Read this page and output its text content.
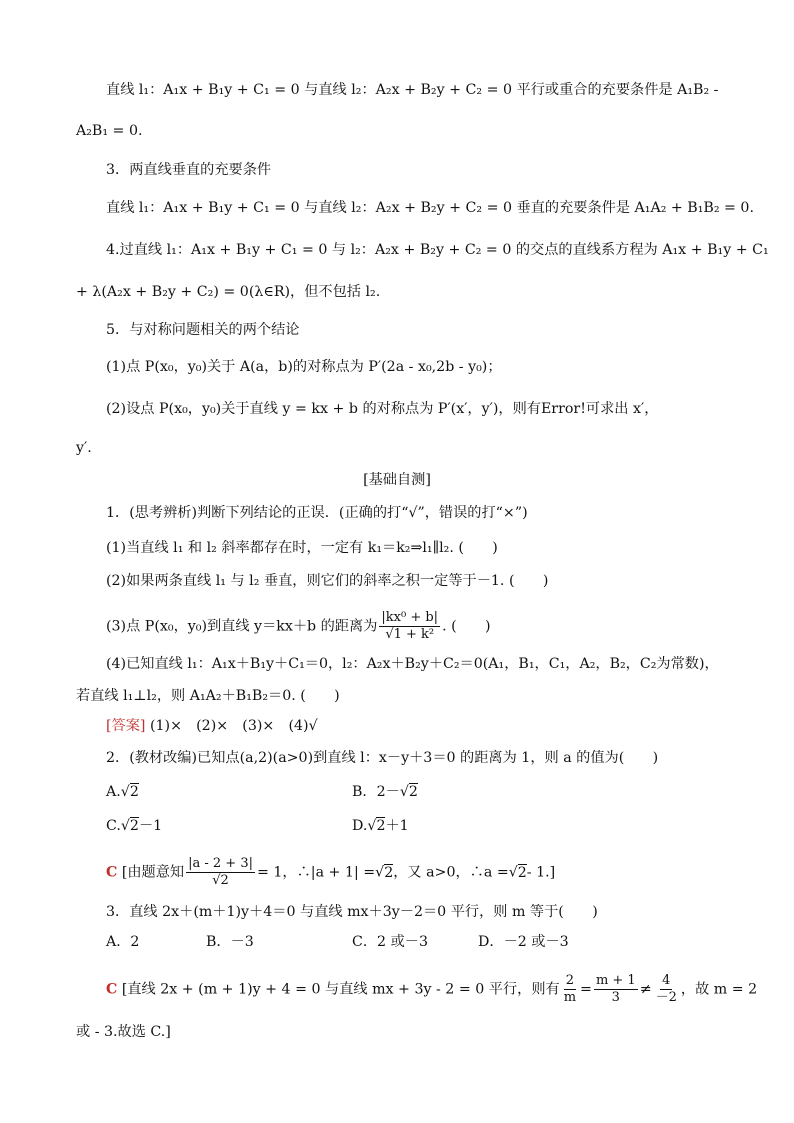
直线 l₁：A₁x + B₁y + C₁ = 0 与直线 l₂：A₂x + B₂y + C₂ = 0 平行或重合的充要条件是 A₁B₂ -
A₂B₁ = 0.
3．两直线垂直的充要条件
直线 l₁：A₁x + B₁y + C₁ = 0 与直线 l₂：A₂x + B₂y + C₂ = 0 垂直的充要条件是 A₁A₂ + B₁B₂ = 0.
4.过直线 l₁：A₁x + B₁y + C₁ = 0 与 l₂：A₂x + B₂y + C₂ = 0 的交点的直线系方程为 A₁x + B₁y + C₁
+ λ(A₂x + B₂y + C₂) = 0(λ∈R)，但不包括 l₂.
5．与对称问题相关的两个结论
(1)点 P(x₀，y₀)关于 A(a，b)的对称点为 P′(2a - x₀,2b - y₀)；
(2)设点 P(x₀，y₀)关于直线 y = kx + b 的对称点为 P′(x′，y′)，则有Error!可求出 x′，
y′.
[基础自测]
1．(思考辨析)判断下列结论的正误．(正确的打“√”，错误的打“×”)
(1)当直线 l₁ 和 l₂ 斜率都存在时，一定有 k₁＝k₂⇒l₁∥l₂. (　　)
(2)如果两条直线 l₁ 与 l₂ 垂直，则它们的斜率之积一定等于－1. (　　)
(3)点 P(x₀，y₀)到直线 y＝kx＋b 的距离为 $\frac{\text{|kx⁰ + b|}}{\text{√1 + k²}}$ . (　　)
(4)已知直线 l₁：A₁x＋B₁y＋C₁＝0，l₂：A₂x＋B₂y＋C₂＝0(A₁，B₁，C₁，A₂，B₂，C₂为常数)，
若直线 l₁⊥l₂，则 A₁A₂＋B₁B₂＝0. (　　)
[答案] (1)×　(2)×　(3)×　(4)√
2．(教材改编)已知点(a,2)(a>0)到直线 l：x－y＋3＝0 的距离为 1，则 a 的值为(　　)
A.√2	B．2－√2
C.√2－1	D.√2＋1
C [由题意知 $\frac{|a - 2 + 3|}{√2} = 1$，∴|a + 1| =√2，又 a>0，∴a =√2- 1.]
3．直线 2x＋(m＋1)y＋4＝0 与直线 mx＋3y－2＝0 平行，则 m 等于(　　)
A．2	B．－3	C．2 或－3	D．－2 或－3
C [直线 2x + (m + 1)y + 4 = 0 与直线 mx + 3y - 2 = 0 平行，则有 $\frac{2}{m} = \frac{m + 1}{3} \ne \frac{4}{-2}$ ，故 m = 2
或 - 3.故选 C.]
